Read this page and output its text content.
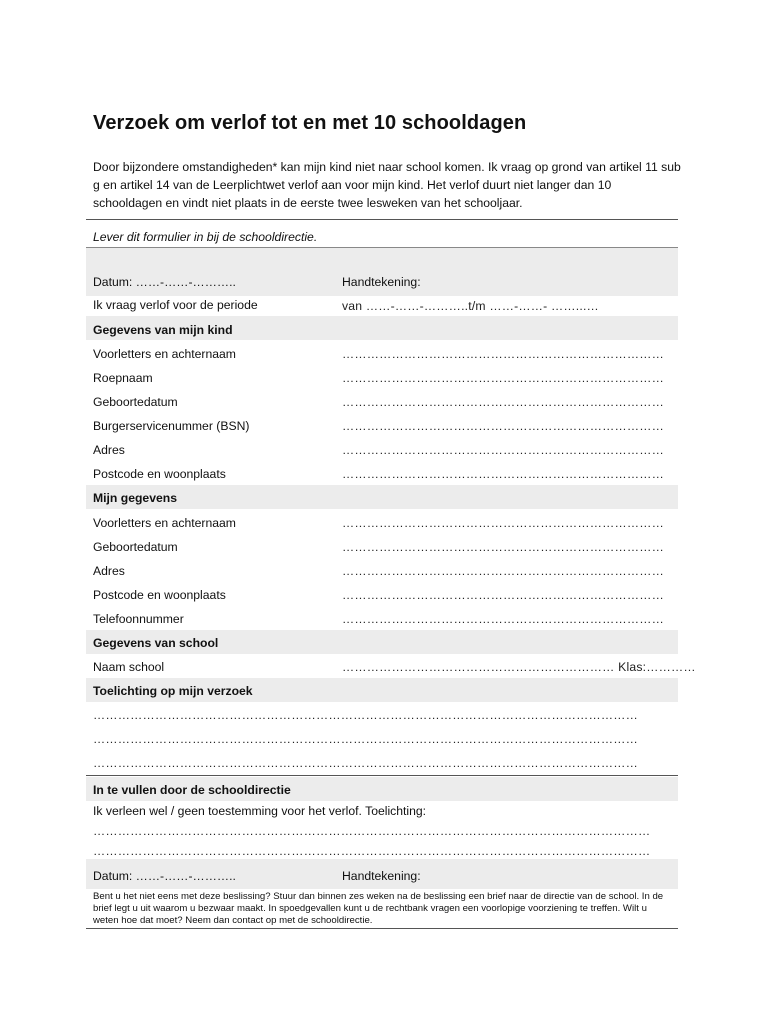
Verzoek om verlof tot en met 10 schooldagen

Door bijzondere omstandigheden* kan mijn kind niet naar school komen. Ik vraag op grond van artikel 11 sub g en artikel 14 van de Leerplichtwet verlof aan voor mijn kind. Het verlof duurt niet langer dan 10 schooldagen en vindt niet plaats in de eerste twee lesweken van het schooljaar.

Lever dit formulier in bij de schooldirectie.
Datum: ……-……-………..	Handtekening:
Ik vraag verlof voor de periode	van ……-……-………..t/m ……-……- ……...…
Gegevens van mijn kind
Voorletters en achternaam	……………………………………………………………………
Roepnaam	……………………………………………………………………
Geboortedatum	……………………………………………………………………
Burgerservicenummer (BSN)	……………………………………………………………………
Adres	……………………………………………………………………
Postcode en woonplaats	……………………………………………………………………
Mijn gegevens
Voorletters en achternaam	……………………………………………………………………
Geboortedatum	……………………………………………………………………
Adres	……………………………………………………………………
Postcode en woonplaats	……………………………………………………………………
Telefoonnummer	……………………………………………………………………
Gegevens van school
Naam school	………………………………………………………… Klas:…………
Toelichting op mijn verzoek
……………………………………………………………………………………………………………………
……………………………………………………………………………………………………………………
……………………………………………………………………………………………………………………
In te vullen door de schooldirectie
Ik verleen wel / geen toestemming voor het verlof. Toelichting:
………………………………………………………………………………………………………………………
………………………………………………………………………………………………………………………
Datum: ……-……-………..	Handtekening:

Bent u het niet eens met deze beslissing? Stuur dan binnen zes weken na de beslissing een brief naar de directie van de school. In de brief legt u uit waarom u bezwaar maakt. In spoedgevallen kunt u de rechtbank vragen een voorlopige voorziening te treffen. Wilt u weten hoe dat moet? Neem dan contact op met de schooldirectie.
